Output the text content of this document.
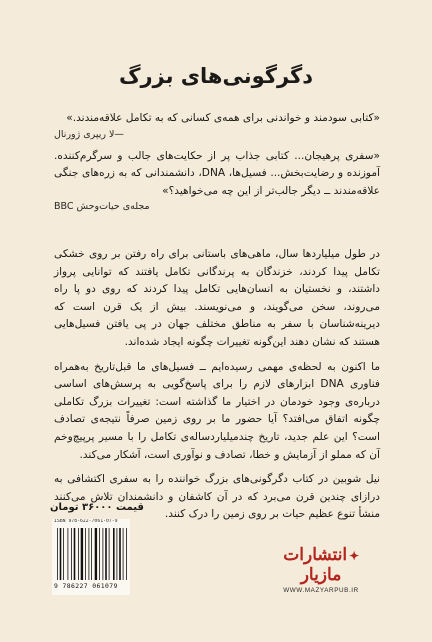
دگرگونی‌های بزرگ

«کتابی سودمند و خواندنی برای همه‌ی کسانی که به تکامل علاقه‌مندند.»

—لا ریپری ژورنال

«سفری پرهیجان... کتابی جذاب پر از حکایت‌های جالب و سرگرم‌کننده. آموزنده و رضایت‌بخش... فسیل‌ها، DNA، دانشمندانی که به زره‌های جنگی علاقه‌مندند ــ دیگر جالب‌تر از این چه می‌خواهید؟»

مجله‌ی حیات‌وحش BBC

در طول میلیاردها سال، ماهی‌های باستانی برای راه رفتن بر روی خشکی تکامل پیدا کردند، خزندگان به پرندگانی تکامل یافتند که توانایی پرواز داشتند، و نخستیان به انسان‌هایی تکامل پیدا کردند که روی دو پا راه می‌روند، سخن می‌گویند، و می‌نویسند. بیش از یک قرن است که دیرینه‌شناسان با سفر به مناطق مختلف جهان در پی یافتن فسیل‌هایی هستند که نشان دهند این‌گونه تغییرات چگونه ایجاد شده‌اند.

ما اکنون به لحظه‌ی مهمی رسیده‌ایم ــ فسیل‌های ما قبل‌تاریخ به‌همراه فناوری DNA ابزارهای لازم را برای پاسخ‌گویی به پرسش‌های اساسی درباره‌ی وجود خودمان در اختیار ما گذاشته است: تغییرات بزرگ تکاملی چگونه اتفاق می‌افتد؟ آیا حضور ما بر روی زمین صرفاً نتیجه‌ی تصادف است؟ این علم جدید، تاریخ چندمیلیارد‌ساله‌ی تکامل را با مسیر پرپیچ‌وخم آن که مملو از آزمایش و خطا، تصادف و نوآوری است، آشکار می‌کند.

نیل شوبین در کتاب دگرگونی‌های بزرگ خواننده را به سفری اکتشافی به درازای چندین قرن می‌برد که در آن کاشفان و دانشمندان تلاش می‌کنند منشأ تنوع عظیم حیات بر روی زمین را درک کنند.

قیمت ۳۶۰۰۰ تومان
ISBN 978-622-7061-07-9
9 786227 061079
✦انتشارات مازیار
WWW.MAZYARPUB.IR
